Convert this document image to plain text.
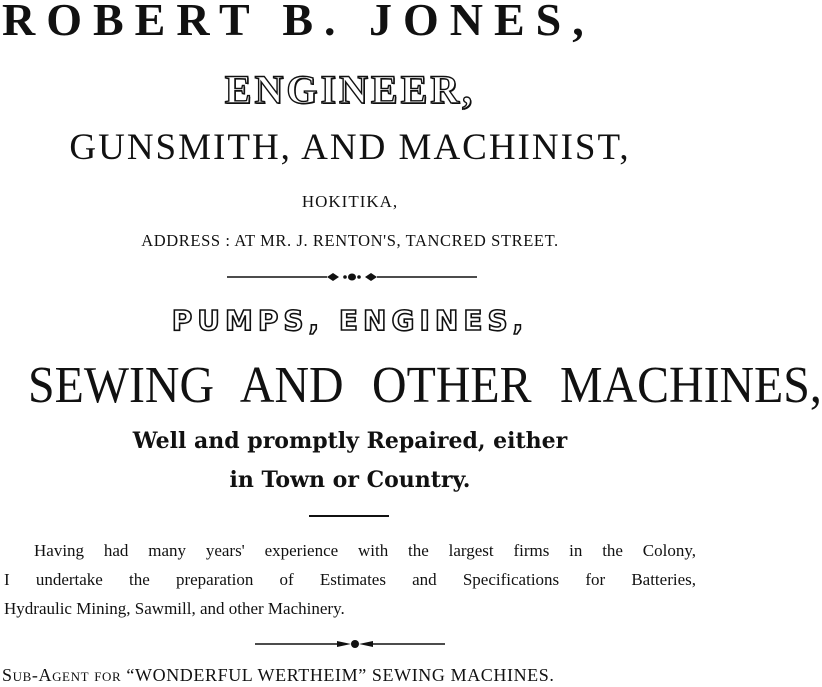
ROBERT B. JONES,
ENGINEER,
GUNSMITH, AND MACHINIST,
HOKITIKA,
ADDRESS : AT MR. J. RENTON'S, TANCRED STREET.
PUMPS, ENGINES,
SEWING AND OTHER MACHINES,
Well and promptly Repaired, either
in Town or Country.
Having had many years' experience with the largest firms in the Colony,
I undertake the preparation of Estimates and Specifications for Batteries,
Hydraulic Mining, Sawmill, and other Machinery.
Sub-Agent for “WONDERFUL WERTHEIM” SEWING MACHINES.
